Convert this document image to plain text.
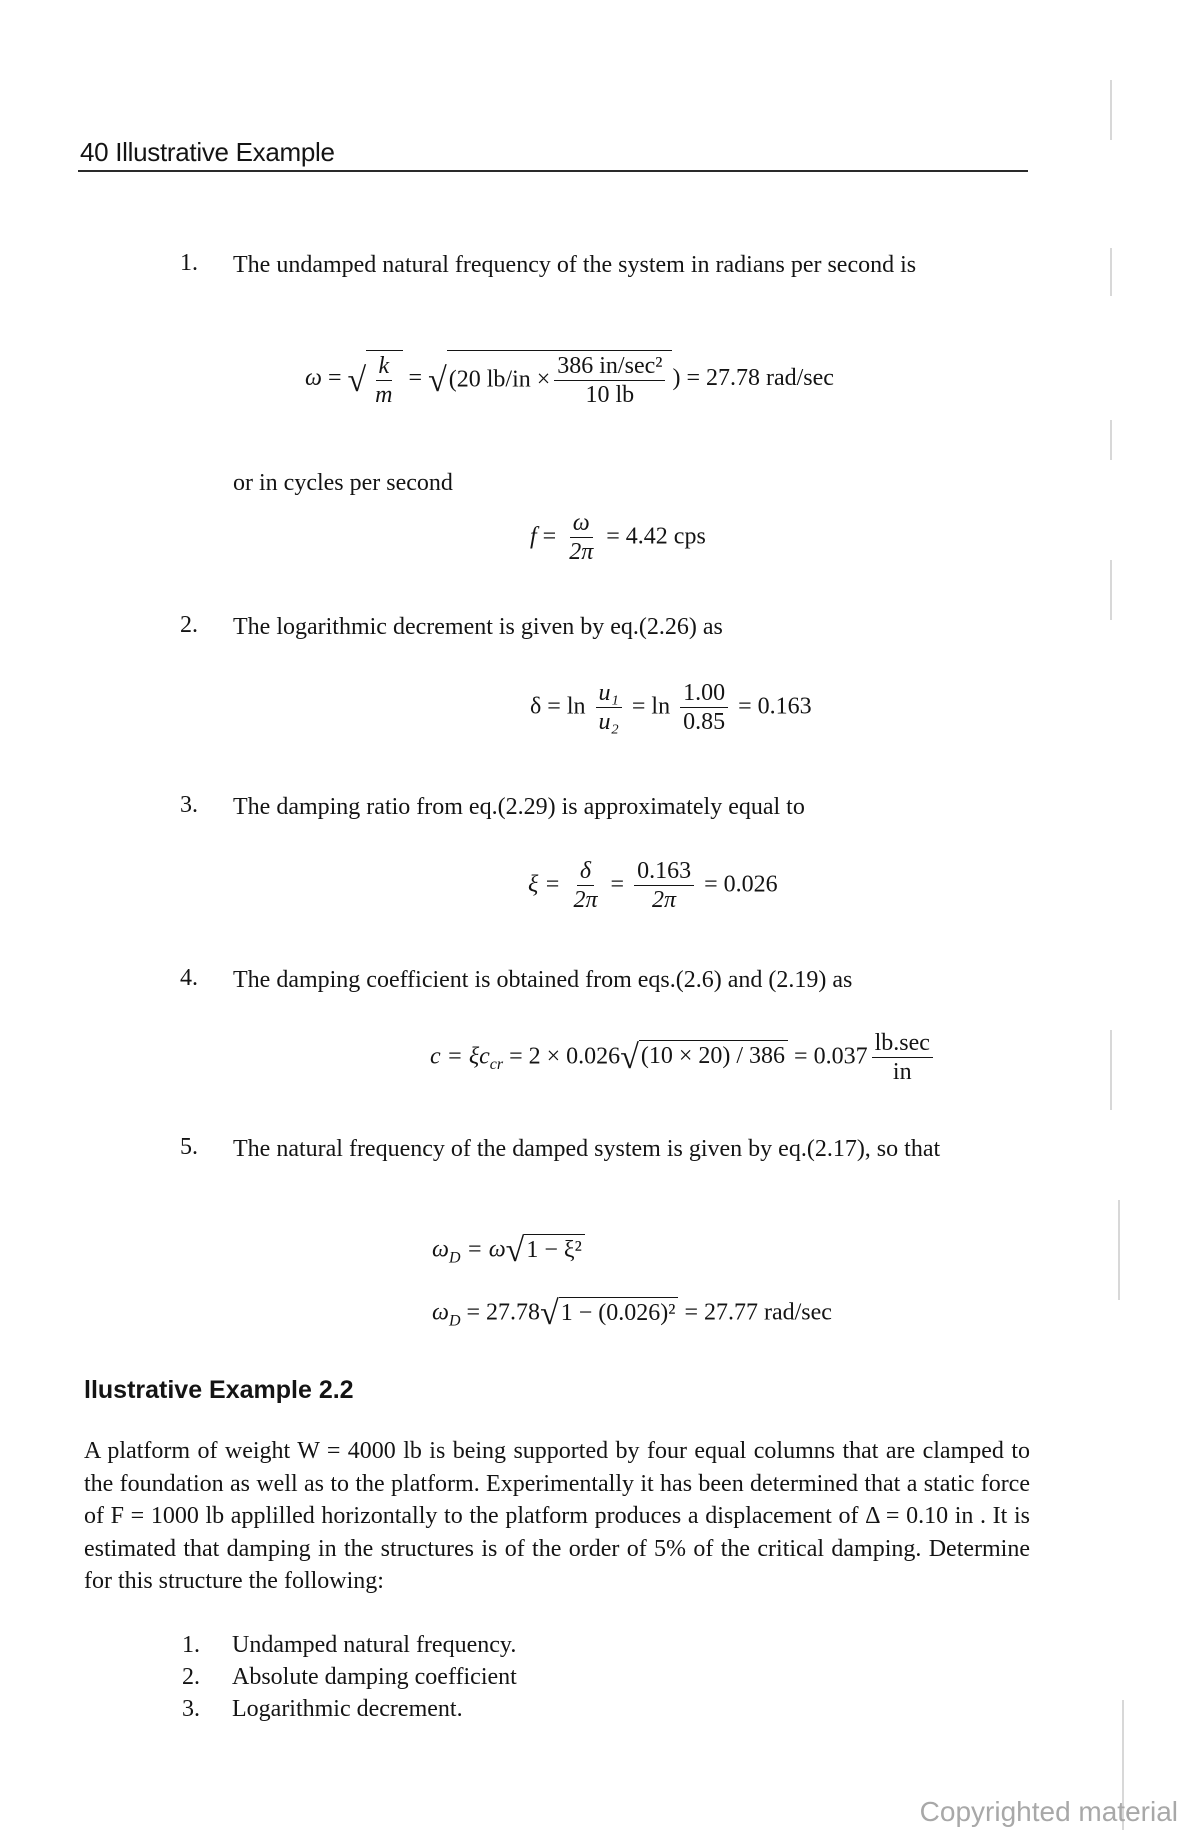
40 Illustrative Example
1. The undamped natural frequency of the system in radians per second is
ω = √ $\frac{k}{m} = √(20$ $lb/in \times \frac{\text{386 in/sec²}}{10 lb}$ ) = 27.78 rad/sec
or in cycles per second
$f = \frac{\omega}{2\pi} = 4.42$ cps
2. The logarithmic decrement is given by eq.(2.26) as
$\delta = \ln \frac{\text{u₁}}{\text{u₂}} = \ln \frac{1.00}{0.85} = 0.163$
3. The damping ratio from eq.(2.29) is approximately equal to
$\xi = \frac{\delta}{2\pi} = \frac{0.163}{2\pi} = 0.026$
4. The damping coefficient is obtained from eqs.(2.6) and (2.19) as
$c = \xi c_{cr} = 2 \times 0.026√(10 \times 20) / 386 = 0.037 \frac{lb.\sec}{in}$
5. The natural frequency of the damped system is given by eq.(2.17), so that
$\omega_D = \omega√1 - \xi^2$
$\omega_D = 27.78√1 - (0.026)^2 = 27.77$ rad/sec
llustrative Example 2.2
A platform of weight W = 4000 lb is being supported by four equal columns that are clamped to the foundation as well as to the platform. Experimentally it has been determined that a static force of F = 1000 lb applilled horizontally to the platform produces a displacement of Δ = 0.10 in . It is estimated that damping in the structures is of the order of 5% of the critical damping. Determine for this structure the following:
1. Undamped natural frequency.
2. Absolute damping coefficient
3. Logarithmic decrement.
Copyrighted material
